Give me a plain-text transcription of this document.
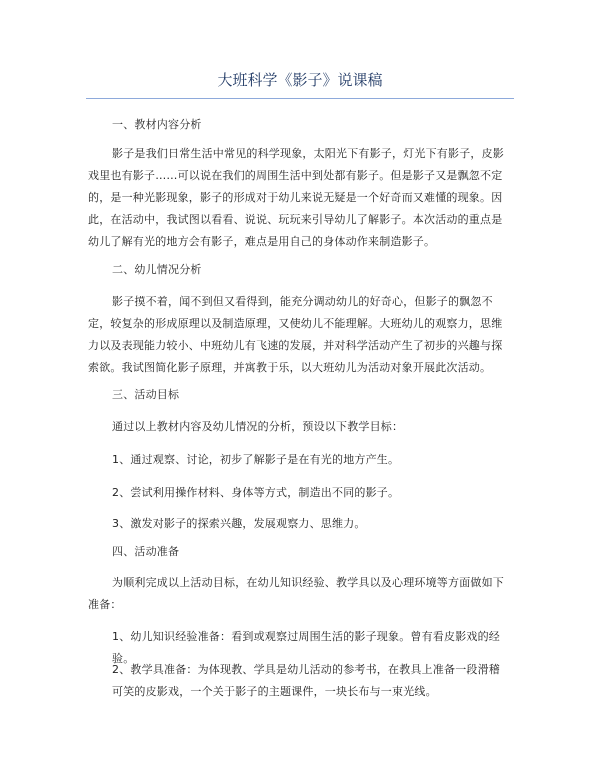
大班科学《影子》说课稿

一、教材内容分析

影子是我们日常生活中常见的科学现象，太阳光下有影子，灯光下有影子，皮影戏里也有影子……可以说在我们的周围生活中到处都有影子。但是影子又是飘忽不定的，是一种光影现象，影子的形成对于幼儿来说无疑是一个好奇而又难懂的现象。因此，在活动中，我试图以看看、说说、玩玩来引导幼儿了解影子。本次活动的重点是幼儿了解有光的地方会有影子，难点是用自己的身体动作来制造影子。

二、幼儿情况分析

影子摸不着，闻不到但又看得到，能充分调动幼儿的好奇心，但影子的飘忽不定，较复杂的形成原理以及制造原理，又使幼儿不能理解。大班幼儿的观察力，思维力以及表现能力较小、中班幼儿有飞速的发展，并对科学活动产生了初步的兴趣与探索欲。我试图简化影子原理，并寓教于乐，以大班幼儿为活动对象开展此次活动。

三、活动目标

通过以上教材内容及幼儿情况的分析，预设以下教学目标：

1、通过观察、讨论，初步了解影子是在有光的地方产生。

2、尝试利用操作材料、身体等方式，制造出不同的影子。

3、激发对影子的探索兴趣，发展观察力、思维力。

四、活动准备

为顺利完成以上活动目标，在幼儿知识经验、教学具以及心理环境等方面做如下准备：

1、幼儿知识经验准备：看到或观察过周围生活的影子现象。曾有看皮影戏的经验。

2、教学具准备：为体现教、学具是幼儿活动的参考书，在教具上准备一段滑稽可笑的皮影戏，一个关于影子的主题课件，一块长布与一束光线。
